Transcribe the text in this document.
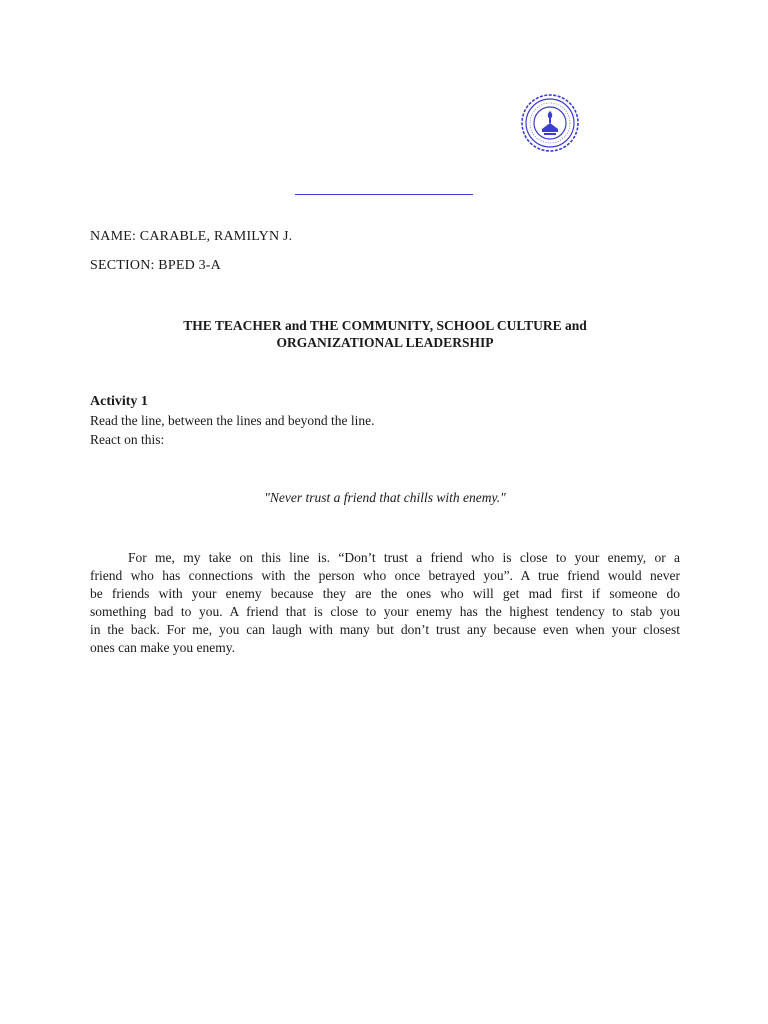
NAME: CARABLE, RAMILYN J.
SECTION: BPED 3-A
THE TEACHER and THE COMMUNITY, SCHOOL CULTURE and
ORGANIZATIONAL LEADERSHIP
Activity 1
Read the line, between the lines and beyond the line.
React on this:
"Never trust a friend that chills with enemy."
For me, my take on this line is. “Don’t trust a friend who is close to your enemy, or a
friend who has connections with the person who once betrayed you”. A true friend would never
be friends with your enemy because they are the ones who will get mad first if someone do
something bad to you. A friend that is close to your enemy has the highest tendency to stab you
in the back. For me, you can laugh with many but don’t trust any because even when your closest
ones can make you enemy.
